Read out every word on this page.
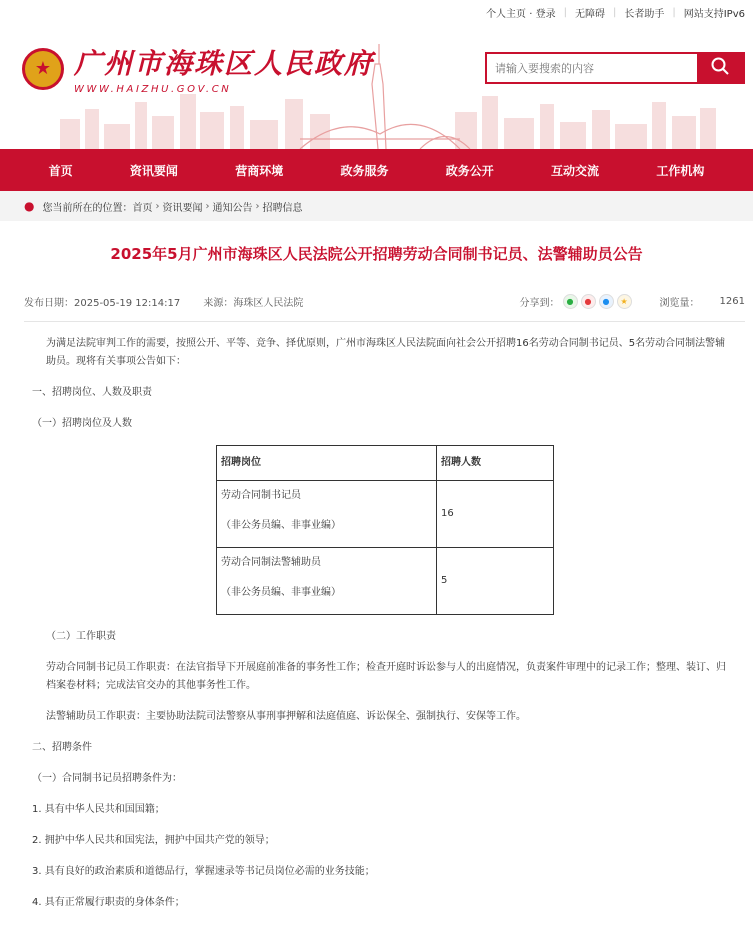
个人主页 · 登录 | 无障碍 | 长者助手 | 网站支持IPv6
★ 广州市海珠区人民政府
WWW.HAIZHU.GOV.CN
请输入要搜索的内容
首页	资讯要闻	营商环境	政务服务	政务公开	互动交流	工作机构
● 您当前所在的位置： 首页 › 资讯要闻 › 通知公告 › 招聘信息
2025年5月广州市海珠区人民法院公开招聘劳动合同制书记员、法警辅助员公告
发布日期：2025-05-19 12:14:17 来源：海珠区人民法院	分享到： ●	●	●	★	浏览量： 1261

为满足法院审判工作的需要，按照公开、平等、竞争、择优原则，广州市海珠区人民法院面向社会公开招聘16名劳动合同制书记员、5名劳动合同制法警辅助员。现将有关事项公告如下：

一、招聘岗位、人数及职责

（一）招聘岗位及人数

招聘岗位	招聘人数

劳动合同制书记员
（非公务员编、非事业编）	16

劳动合同制法警辅助员
（非公务员编、非事业编）	5

（二）工作职责

劳动合同制书记员工作职责：在法官指导下开展庭前准备的事务性工作；检查开庭时诉讼参与人的出庭情况，负责案件审理中的记录工作；整理、装订、归档案卷材料；完成法官交办的其他事务性工作。

法警辅助员工作职责：主要协助法院司法警察从事刑事押解和法庭值庭、诉讼保全、强制执行、安保等工作。

二、招聘条件

（一）合同制书记员招聘条件为：

1. 具有中华人民共和国国籍；

2. 拥护中华人民共和国宪法，拥护中国共产党的领导；

3. 具有良好的政治素质和道德品行，掌握速录等书记员岗位必需的业务技能；

4. 具有正常履行职责的身体条件；
